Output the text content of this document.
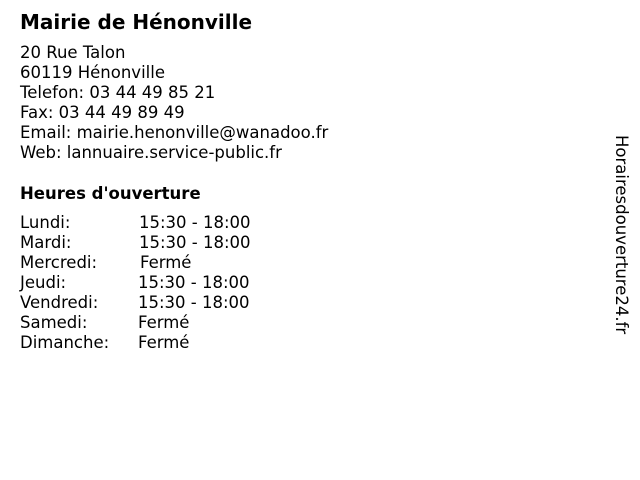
Mairie de Hénonville
20 Rue Talon
60119 Hénonville
Telefon: 03 44 49 85 21
Fax: 03 44 49 89 49
Email: mairie.henonville@wanadoo.fr
Web: lannuaire.service-public.fr
Heures d'ouverture
Lundi:	15:30 - 18:00
Mardi:	15:30 - 18:00
Mercredi:	Fermé
Jeudi:	15:30 - 18:00
Vendredi: 15:30 - 18:00
Samedi:	Fermé
Dimanche: Fermé
Horairesdouverture24.fr
